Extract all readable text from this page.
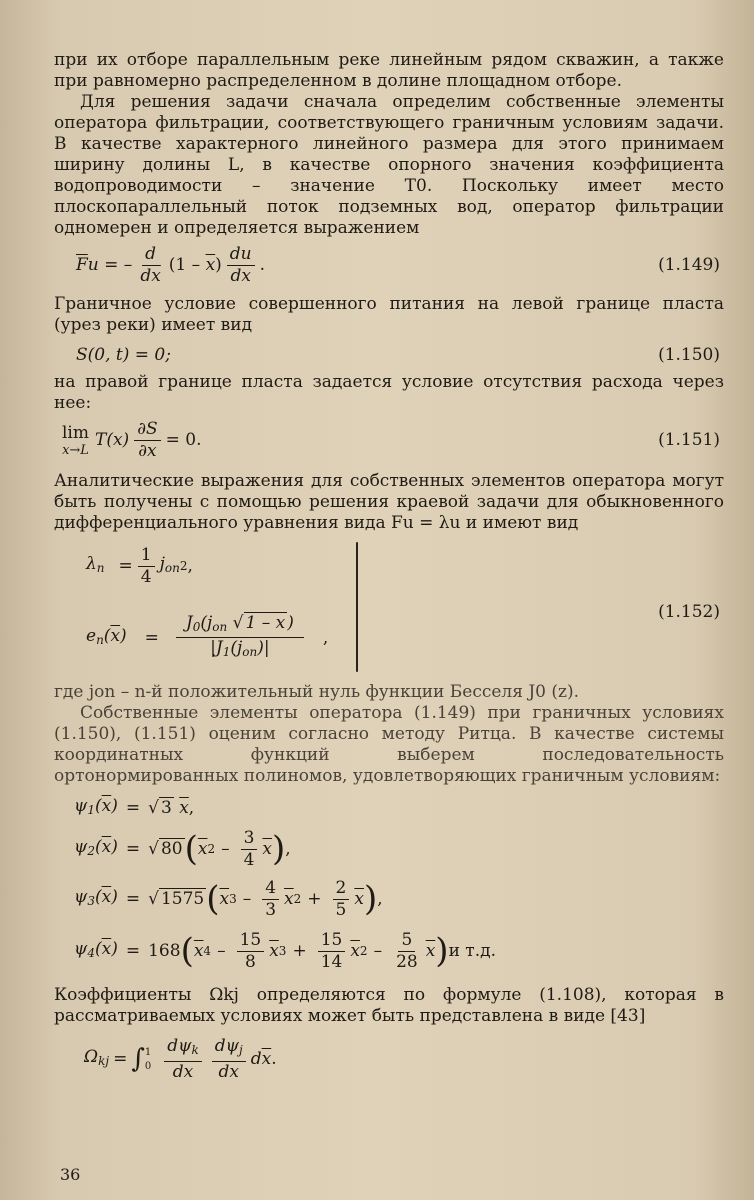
при их отборе параллельным реке линейным рядом скважин, а также при равномерно распределенном в долине площадном отборе.

Для решения задачи сначала определим собственные элементы оператора фильтрации, соответствующего граничным условиям задачи. В качестве характерного линейного размера для этого принимаем ширину долины L, в качестве опорного значения коэффициента водопроводимости – значение T0. Поскольку имеет место плоскопараллельный поток подземных вод, оператор фильтрации одномерен и определяется выражением

$\overline{F}u$ = – $\frac{d}{d\overline{x}} (1 - \overline{x}) \frac{du}{d\overline{x}}$ .	(1.149)

Граничное условие совершенного питания на левой границе пласта (урез реки) имеет вид

S(0, t) = 0;	(1.150)

на правой границе пласта задается условие отсутствия расхода через нее:

lim
x→L
$T(x) \frac{\partial S}{\partial x} = 0$.	(1.151)

Аналитические выражения для собственных элементов оператора могут быть получены с помощью решения краевой задачи для обыкновенного дифференциального уравнения вида Fu = λu и имеют вид

$\lambda_n = \frac{1}{4} j_{on}$ 2 ,
$e_n(\overline{x}) = \frac{J_0(j_{on} √ 1 - \overline{x} )}{|J_1(j_{on})|}$ ,
(1.152)

где jon – n-й положительный нуль функции Бесселя J0 (z).

Собственные элементы оператора (1.149) при граничных условиях (1.150), (1.151) оценим согласно методу Ритца. В качестве системы координатных функций выберем последовательность ортонормированных полиномов, удовлетворяющих граничным условиям:

$\psi_1(\overline{x})$ = √ 3 $\overline{x}$,
$\psi_2(\overline{x})$ = √ 80 ( $\overline{x}$ $2 - \frac{3}{4} \overline{x}$ ) ,
$\psi_3(\overline{x})$ = √ 1575 ( $\overline{x}$ $3 - \frac{4}{3} \overline{x}$ $2 + \frac{2}{5} \overline{x}$ ) ,
$\psi_4(\overline{x}) = 168$ ( $\overline{x}$ $4 - \frac{15}{8} \overline{x}$ $3 + \frac{15}{14} \overline{x}$ $2 - \frac{5}{28} \overline{x}$ ) и т.д.

Коэффициенты Ωkj определяются по формуле (1.108), которая в рассматриваемых условиях может быть представлена в виде [43]

$\Omega_{kj}$ = ∫ 1
$0 \frac{d\psi_k}{d\overline{x}} \frac{d\psi_j}{d\overline{x}} d\overline{x}$ .
36
